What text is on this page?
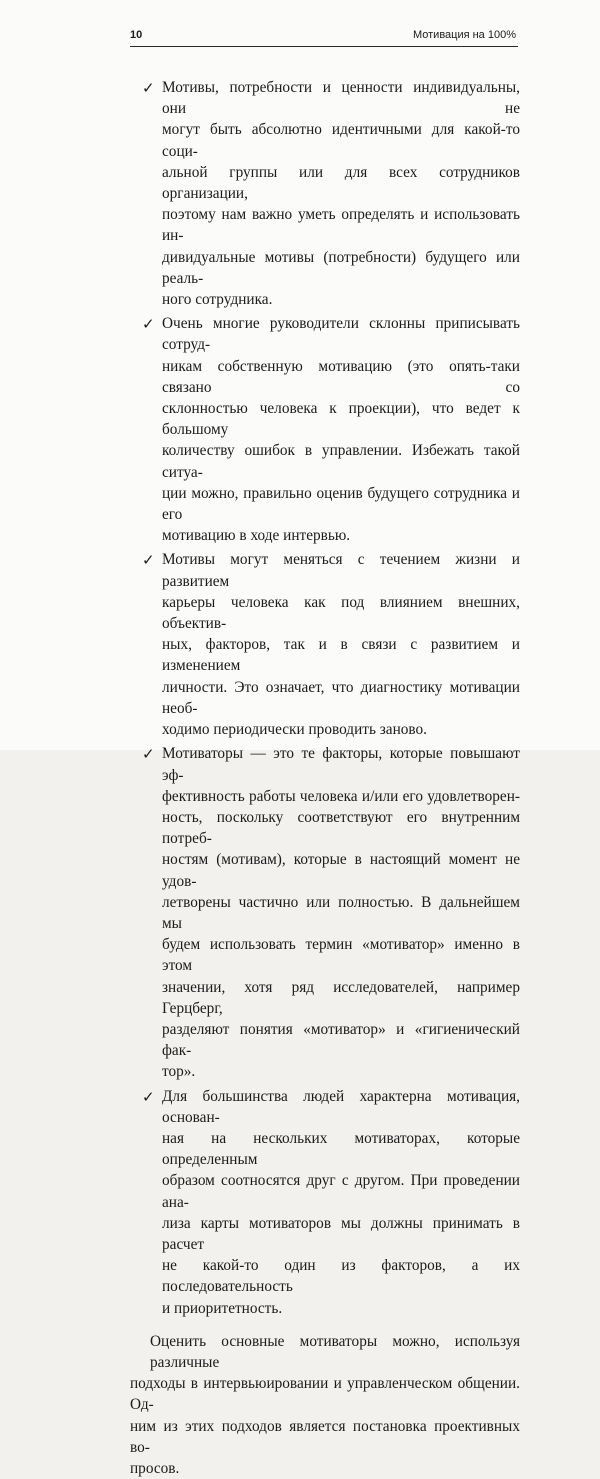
10	Мотивация на 100%
✓ Мотивы, потребности и ценности индивидуальны, они не
могут быть абсолютно идентичными для какой-то соци-
альной группы или для всех сотрудников организации,
поэтому нам важно уметь определять и использовать ин-
дивидуальные мотивы (потребности) будущего или реаль-
ного сотрудника.
✓ Очень многие руководители склонны приписывать сотруд-
никам собственную мотивацию (это опять-таки связано со
склонностью человека к проекции), что ведет к большому
количеству ошибок в управлении. Избежать такой ситуа-
ции можно, правильно оценив будущего сотрудника и его
мотивацию в ходе интервью.
✓ Мотивы могут меняться с течением жизни и развитием
карьеры человека как под влиянием внешних, объектив-
ных, факторов, так и в связи с развитием и изменением
личности. Это означает, что диагностику мотивации необ-
ходимо периодически проводить заново.
✓ Мотиваторы — это те факторы, которые повышают эф-
фективность работы человека и/или его удовлетворен-
ность, поскольку соответствуют его внутренним потреб-
ностям (мотивам), которые в настоящий момент не удов-
летворены частично или полностью. В дальнейшем мы
будем использовать термин «мотиватор» именно в этом
значении, хотя ряд исследователей, например Герцберг,
разделяют понятия «мотиватор» и «гигиенический фак-
тор».
✓ Для большинства людей характерна мотивация, основан-
ная на нескольких мотиваторах, которые определенным
образом соотносятся друг с другом. При проведении ана-
лиза карты мотиваторов мы должны принимать в расчет
не какой-то один из факторов, а их последовательность
и приоритетность.
Оценить основные мотиваторы можно, используя различные
подходы в интервьюировании и управленческом общении. Од-
ним из этих подходов является постановка проективных во-
просов.
